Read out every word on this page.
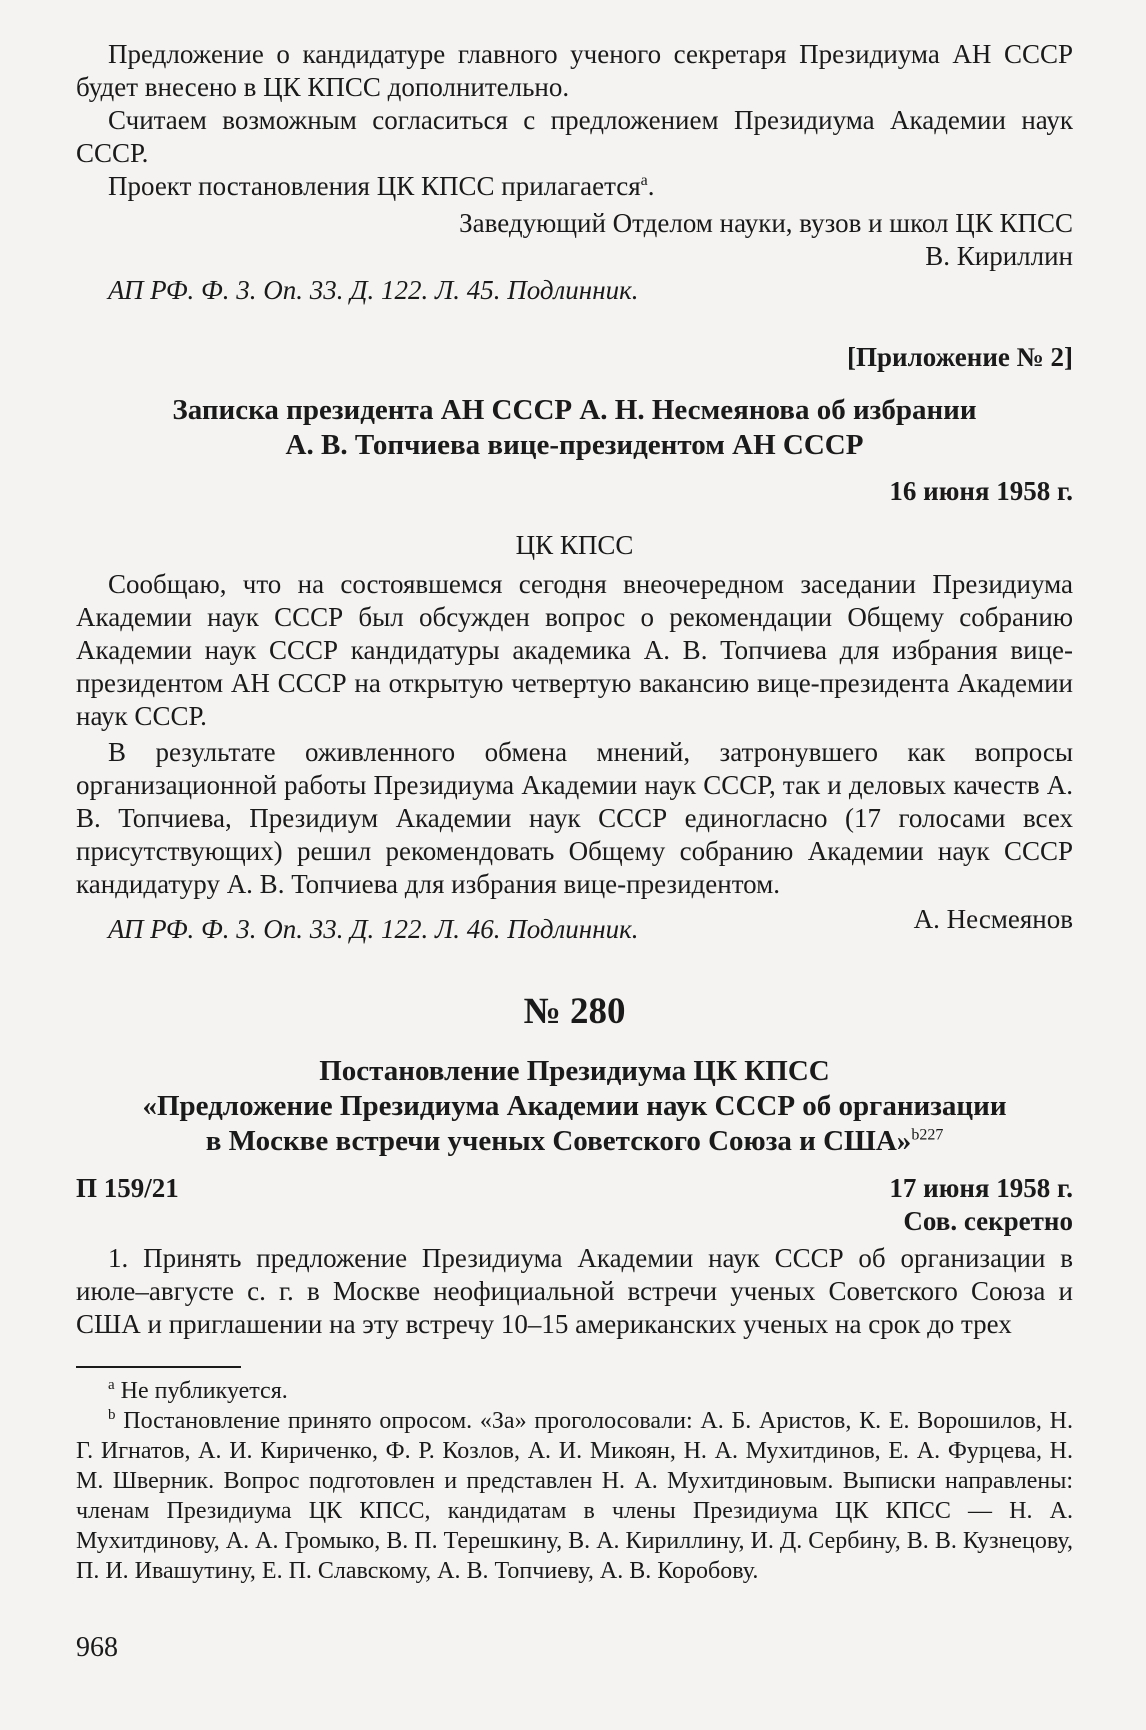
Предложение о кандидатуре главного ученого секретаря Президиума АН СССР будет внесено в ЦК КПСС дополнительно.

Считаем возможным согласиться с предложением Президиума Академии наук СССР.

Проект постановления ЦК КПСС прилагается$^а$.

Заведующий Отделом науки, вузов и школ ЦК КПСС

В. Кириллин

АП РФ. Ф. 3. Оп. 33. Д. 122. Л. 45. Подлинник.

[Приложение № 2]

Записка президента АН СССР А. Н. Несмеянова об избрании

А. В. Топчиева вице-президентом АН СССР

16 июня 1958 г.

ЦК КПСС

Сообщаю, что на состоявшемся сегодня внеочередном заседании Президиума Академии наук СССР был обсужден вопрос о рекомендации Общему собранию Академии наук СССР кандидатуры академика А. В. Топчиева для избрания вице-президентом АН СССР на открытую четвертую вакансию вице-президента Академии наук СССР.

В результате оживленного обмена мнений, затронувшего как вопросы организационной работы Президиума Академии наук СССР, так и деловых качеств А. В. Топчиева, Президиум Академии наук СССР единогласно (17 голосами всех присутствующих) решил рекомендовать Общему собранию Академии наук СССР кандидатуру А. В. Топчиева для избрания вице-президентом.

А. Несмеянов

АП РФ. Ф. 3. Оп. 33. Д. 122. Л. 46. Подлинник.

№ 280

Постановление Президиума ЦК КПСС

«Предложение Президиума Академии наук СССР об организации

в Москве встречи ученых Советского Союза и США»$^{b227}$

П 159/21	17 июня 1958 г.

Сов. секретно

1. Принять предложение Президиума Академии наук СССР об организации в июле–августе с. г. в Москве неофициальной встречи ученых Советского Союза и США и приглашении на эту встречу 10–15 американских ученых на срок до трех

$^a$ Не публикуется.

$^b$ Постановление принято опросом. «За» проголосовали: А. Б. Аристов, К. Е. Ворошилов, Н. Г. Игнатов, А. И. Кириченко, Ф. Р. Козлов, А. И. Микоян, Н. А. Мухитдинов, Е. А. Фурцева, Н. М. Шверник. Вопрос подготовлен и представлен Н. А. Мухитдиновым. Выписки направлены: членам Президиума ЦК КПСС, кандидатам в члены Президиума ЦК КПСС — Н. А. Мухитдинову, А. А. Громыко, В. П. Терешкину, В. А. Кириллину, И. Д. Сербину, В. В. Кузнецову, П. И. Ивашутину, Е. П. Славскому, А. В. Топчиеву, А. В. Коробову.

968
